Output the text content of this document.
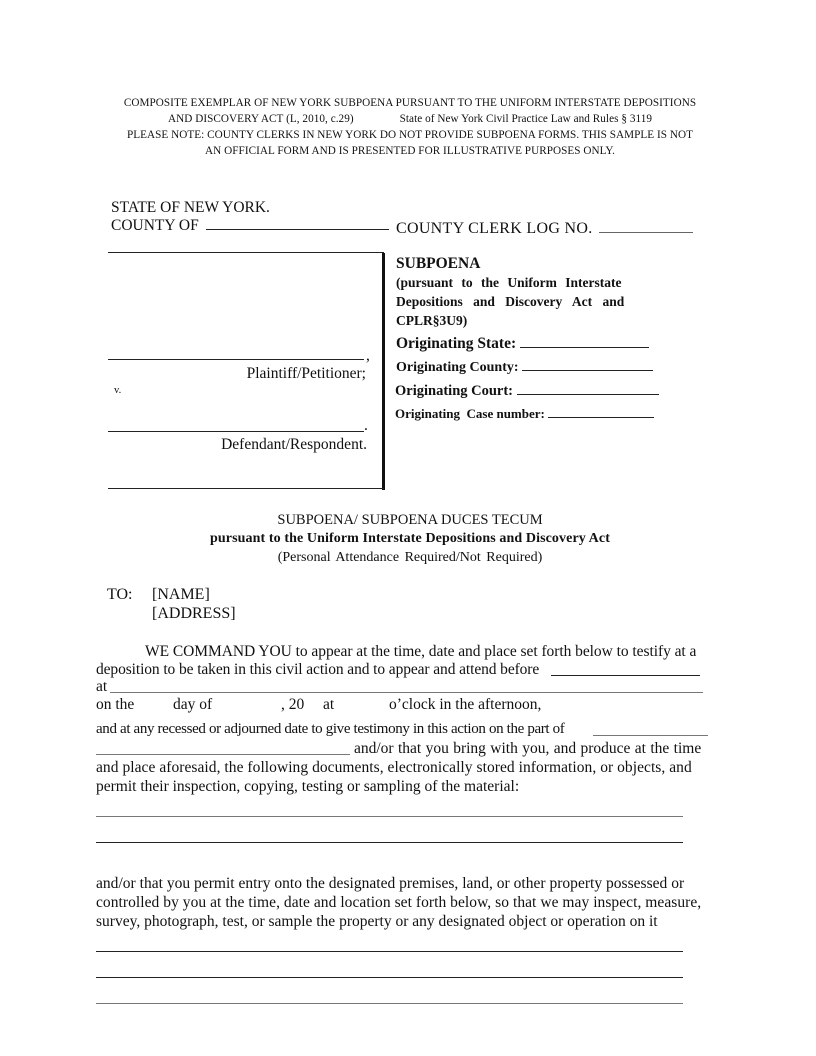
COMPOSITE EXEMPLAR OF NEW YORK SUBPOENA PURSUANT TO THE UNIFORM INTERSTATE DEPOSITIONS
AND DISCOVERY ACT (L, 2010, c.29)	State of New York Civil Practice Law and Rules § 3119
PLEASE NOTE: COUNTY CLERKS IN NEW YORK DO NOT PROVIDE SUBPOENA FORMS. THIS SAMPLE IS NOT
AN OFFICIAL FORM AND IS PRESENTED FOR ILLUSTRATIVE PURPOSES ONLY.
STATE OF NEW YORK.
COUNTY OF	COUNTY CLERK LOG NO.
,
Plaintiff/Petitioner;
v.
.
Defendant/Respondent.
SUBPOENA
(pursuant to the Uniform Interstate
Depositions and Discovery Act and
CPLR§3U9)
Originating State:
Originating County:
Originating Court:
Originating  Case number:
SUBPOENA/ SUBPOENA DUCES TECUM
pursuant to the Uniform Interstate Depositions and Discovery Act
(Personal Attendance Required/Not Required)
TO: [NAME]
[ADDRESS]
WE COMMAND YOU to appear at the time, date and place set forth below to testify at a
deposition to be taken in this civil action and to appear and attend before
at
on the day of	, 20 at	o’clock in the afternoon,
and at any recessed or adjourned date to give testimony in this action on the part of
and/or that you bring with you, and produce at the time
and place aforesaid, the following documents, electronically stored information, or objects, and
permit their inspection, copying, testing or sampling of the material:
and/or that you permit entry onto the designated premises, land, or other property possessed or
controlled by you at the time, date and location set forth below, so that we may inspect, measure,
survey, photograph, test, or sample the property or any designated object or operation on it
